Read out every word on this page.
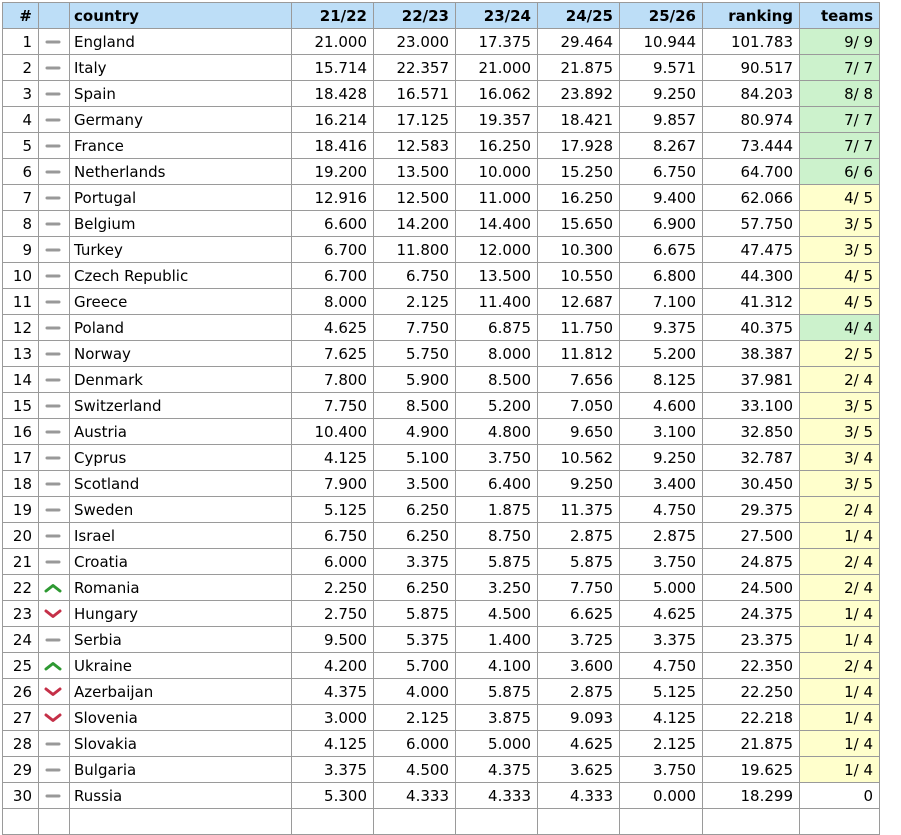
#		country	21/22	22/23	23/24	24/25	25/26	ranking	teams
1		England	21.000	23.000	17.375	29.464	10.944	101.783	9/ 9
2		Italy	15.714	22.357	21.000	21.875	9.571	90.517	7/ 7
3		Spain	18.428	16.571	16.062	23.892	9.250	84.203	8/ 8
4		Germany	16.214	17.125	19.357	18.421	9.857	80.974	7/ 7
5		France	18.416	12.583	16.250	17.928	8.267	73.444	7/ 7
6		Netherlands	19.200	13.500	10.000	15.250	6.750	64.700	6/ 6
7		Portugal	12.916	12.500	11.000	16.250	9.400	62.066	4/ 5
8		Belgium	6.600	14.200	14.400	15.650	6.900	57.750	3/ 5
9		Turkey	6.700	11.800	12.000	10.300	6.675	47.475	3/ 5
10		Czech Republic	6.700	6.750	13.500	10.550	6.800	44.300	4/ 5
11		Greece	8.000	2.125	11.400	12.687	7.100	41.312	4/ 5
12		Poland	4.625	7.750	6.875	11.750	9.375	40.375	4/ 4
13		Norway	7.625	5.750	8.000	11.812	5.200	38.387	2/ 5
14		Denmark	7.800	5.900	8.500	7.656	8.125	37.981	2/ 4
15		Switzerland	7.750	8.500	5.200	7.050	4.600	33.100	3/ 5
16		Austria	10.400	4.900	4.800	9.650	3.100	32.850	3/ 5
17		Cyprus	4.125	5.100	3.750	10.562	9.250	32.787	3/ 4
18		Scotland	7.900	3.500	6.400	9.250	3.400	30.450	3/ 5
19		Sweden	5.125	6.250	1.875	11.375	4.750	29.375	2/ 4
20		Israel	6.750	6.250	8.750	2.875	2.875	27.500	1/ 4
21		Croatia	6.000	3.375	5.875	5.875	3.750	24.875	2/ 4
22		Romania	2.250	6.250	3.250	7.750	5.000	24.500	2/ 4
23		Hungary	2.750	5.875	4.500	6.625	4.625	24.375	1/ 4
24		Serbia	9.500	5.375	1.400	3.725	3.375	23.375	1/ 4
25		Ukraine	4.200	5.700	4.100	3.600	4.750	22.350	2/ 4
26		Azerbaijan	4.375	4.000	5.875	2.875	5.125	22.250	1/ 4
27		Slovenia	3.000	2.125	3.875	9.093	4.125	22.218	1/ 4
28		Slovakia	4.125	6.000	5.000	4.625	2.125	21.875	1/ 4
29		Bulgaria	3.375	4.500	4.375	3.625	3.750	19.625	1/ 4
30		Russia	5.300	4.333	4.333	4.333	0.000	18.299	0
